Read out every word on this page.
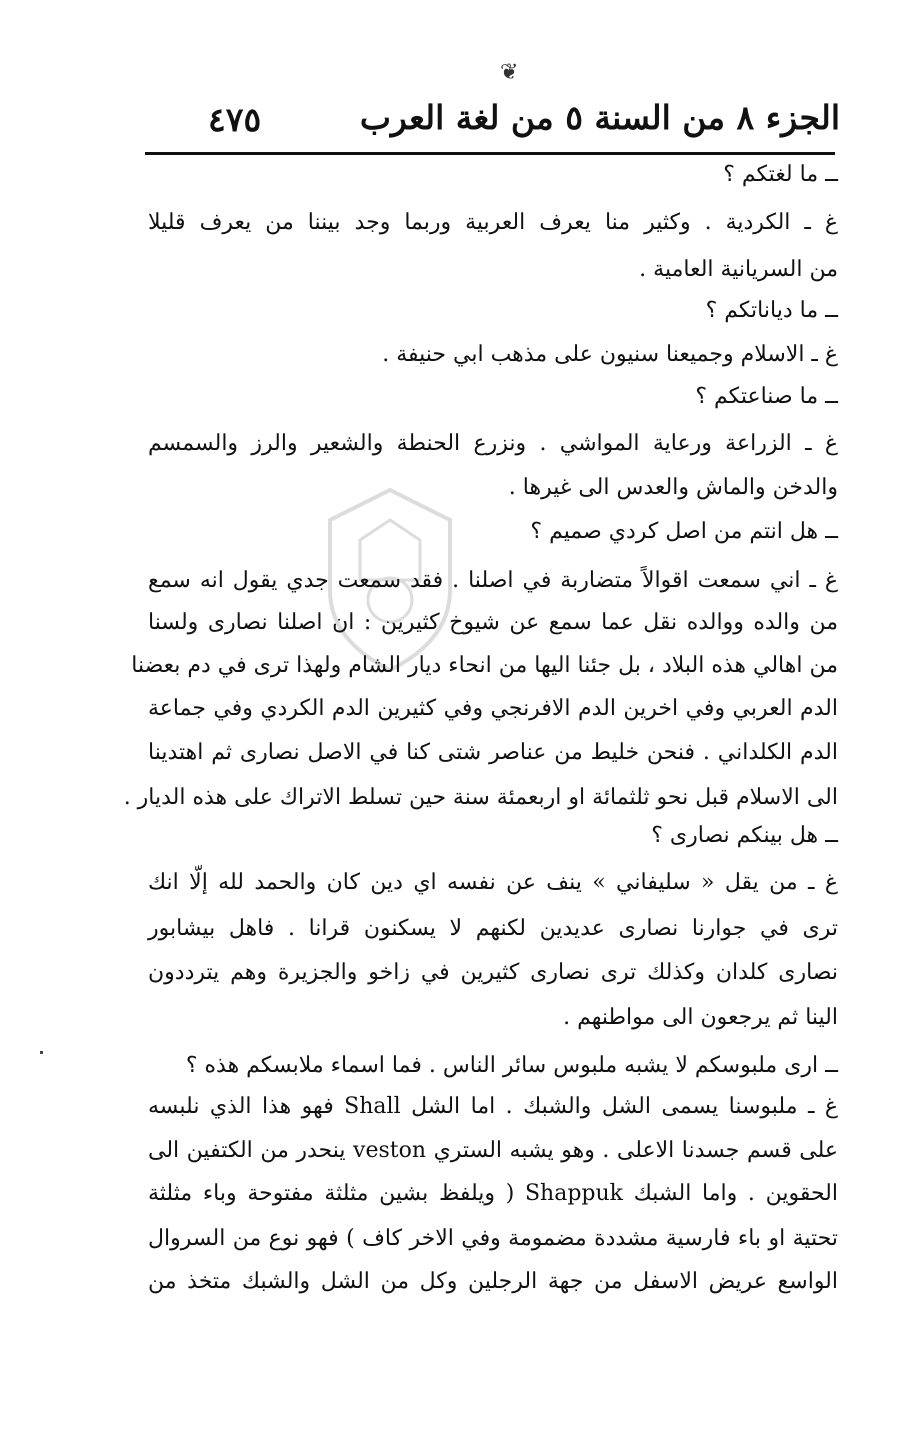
❦
الجزء ٨ من السنة ٥ من لغة العرب
٤٧٥
ــ ما لغتكم ؟
غ ـ الكردية . وكثير منا يعرف العربية وربما وجد بيننا من يعرف قليلا
من السريانية العامية .
ــ ما دياناتكم ؟
غ ـ الاسلام وجميعنا سنيون على مذهب ابي حنيفة .
ــ ما صناعتكم ؟
غ ـ الزراعة ورعاية المواشي . ونزرع الحنطة والشعير والرز والسمسم
والدخن والماش والعدس الى غيرها .
ــ هل انتم من اصل كردي صميم ؟
غ ـ اني سمعت اقوالاً متضاربة في اصلنا . فقد سمعت جدي يقول انه سمع
من والده ووالده نقل عما سمع عن شيوخ كثيرين : ان اصلنا نصارى ولسنا
من اهالي هذه البلاد ، بل جئنا اليها من انحاء ديار الشام ولهذا ترى في دم بعضنا
الدم العربي وفي اخرين الدم الافرنجي وفي كثيرين الدم الكردي وفي جماعة
الدم الكلداني . فنحن خليط من عناصر شتى كنا في الاصل نصارى ثم اهتدينا
الى الاسلام قبل نحو ثلثمائة او اربعمئة سنة حين تسلط الاتراك على هذه الديار .
ــ هل بينكم نصارى ؟
غ ـ من يقل « سليفاني » ينف عن نفسه اي دين كان والحمد لله إلّا انك
ترى في جوارنا نصارى عديدين لكنهم لا يسكنون قرانا . فاهل بيشابور
نصارى كلدان وكذلك ترى نصارى كثيرين في زاخو والجزيرة وهم يترددون
الينا ثم يرجعون الى مواطنهم .
ــ ارى ملبوسكم لا يشبه ملبوس سائر الناس . فما اسماء ملابسكم هذه ؟
غ ـ ملبوسنا يسمى الشل والشبك . اما الشل Shall فهو هذا الذي نلبسه
على قسم جسدنا الاعلى . وهو يشبه الستري veston ينحدر من الكتفين الى
الحقوين . واما الشبك Shappuk ( ويلفظ بشين مثلثة مفتوحة وباء مثلثة
تحتية او باء فارسية مشددة مضمومة وفي الاخر كاف ) فهو نوع من السروال
الواسع عريض الاسفل من جهة الرجلين وكل من الشل والشبك متخذ من
